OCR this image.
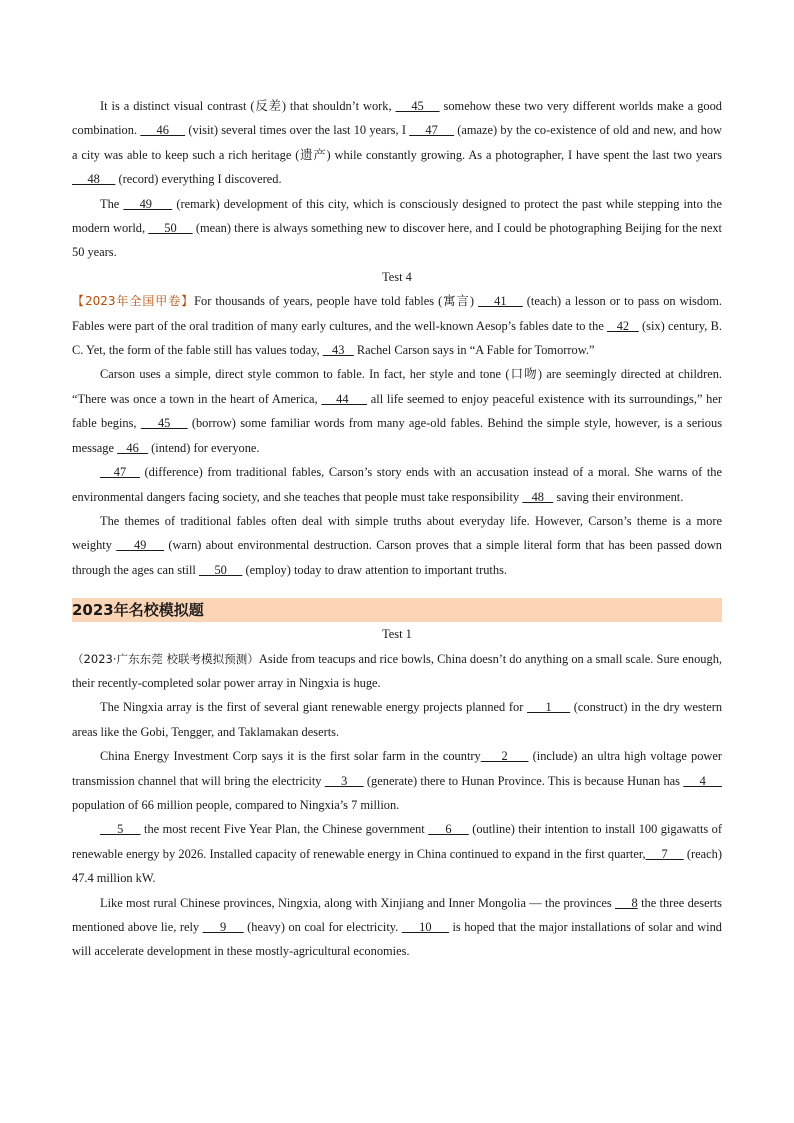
It is a distinct visual contrast (反差) that shouldn’t work,     45     somehow these two very different worlds make a good combination.      46      (visit) several times over the last 10 years, I      47      (amaze) by the co-existence of old and new, and how a city was able to keep such a rich heritage (遗产) while constantly growing. As a photographer, I have spent the last two years      48      (record) everything I discovered.

The     49      (remark) development of this city, which is consciously designed to protect the past while stepping into the modern world,      50      (mean) there is always something new to discover here, and I could be photographing Beijing for the next 50 years.

Test 4

【2023年全国甲卷】For thousands of years, people have told fables (寓言)     41     (teach) a lesson or to pass on wisdom. Fables were part of the oral tradition of many early cultures, and the well-known Aesop’s fables date to the    42    (six) century, B. C. Yet, the form of the fable still has values today,    43    Rachel Carson says in “A Fable for Tomorrow.”

Carson uses a simple, direct style common to fable. In fact, her style and tone (口吻) are seemingly directed at children. “There was once a town in the heart of America,     44      all life seemed to enjoy peaceful existence with its surroundings,” her fable begins,     45     (borrow) some familiar words from many age-old fables. Behind the simple style, however, is a serious message    46    (intend) for everyone.

47    (difference) from traditional fables, Carson’s story ends with an accusation instead of a moral. She warns of the environmental dangers facing society, and she teaches that people must take responsibility    48    saving their environment.

The themes of traditional fables often deal with simple truths about everyday life. However, Carson’s theme is a more weighty     49     (warn) about environmental destruction. Carson proves that a simple literal form that has been passed down through the ages can still      50      (employ) today to draw attention to important truths.

2023年名校模拟题
Test 1

（2023·广东东莞 校联考模拟预测）Aside from teacups and rice bowls, China doesn’t do anything on a small scale. Sure enough, their recently-completed solar power array in Ningxia is huge.

The Ningxia array is the first of several giant renewable energy projects planned for      1      (construct) in the dry western areas like the Gobi, Tengger, and Taklamakan deserts.

China Energy Investment Corp says it is the first solar farm in the country     2      (include) an ultra high voltage power transmission channel that will bring the electricity      3      (generate) there to Hunan Province. This is because Hunan has      4      population of 66 million people, compared to Ningxia’s 7 million.

5      the most recent Five Year Plan, the Chinese government      6      (outline) their intention to install 100 gigawatts of renewable energy by 2026. Installed capacity of renewable energy in China continued to expand in the first quarter,     7      (reach) 47.4 million kW.

Like most rural Chinese provinces, Ningxia, along with Xinjiang and Inner Mongolia — the provinces      8 the three deserts mentioned above lie, rely      9      (heavy) on coal for electricity.      10      is hoped that the major installations of solar and wind will accelerate development in these mostly-agricultural economies.
